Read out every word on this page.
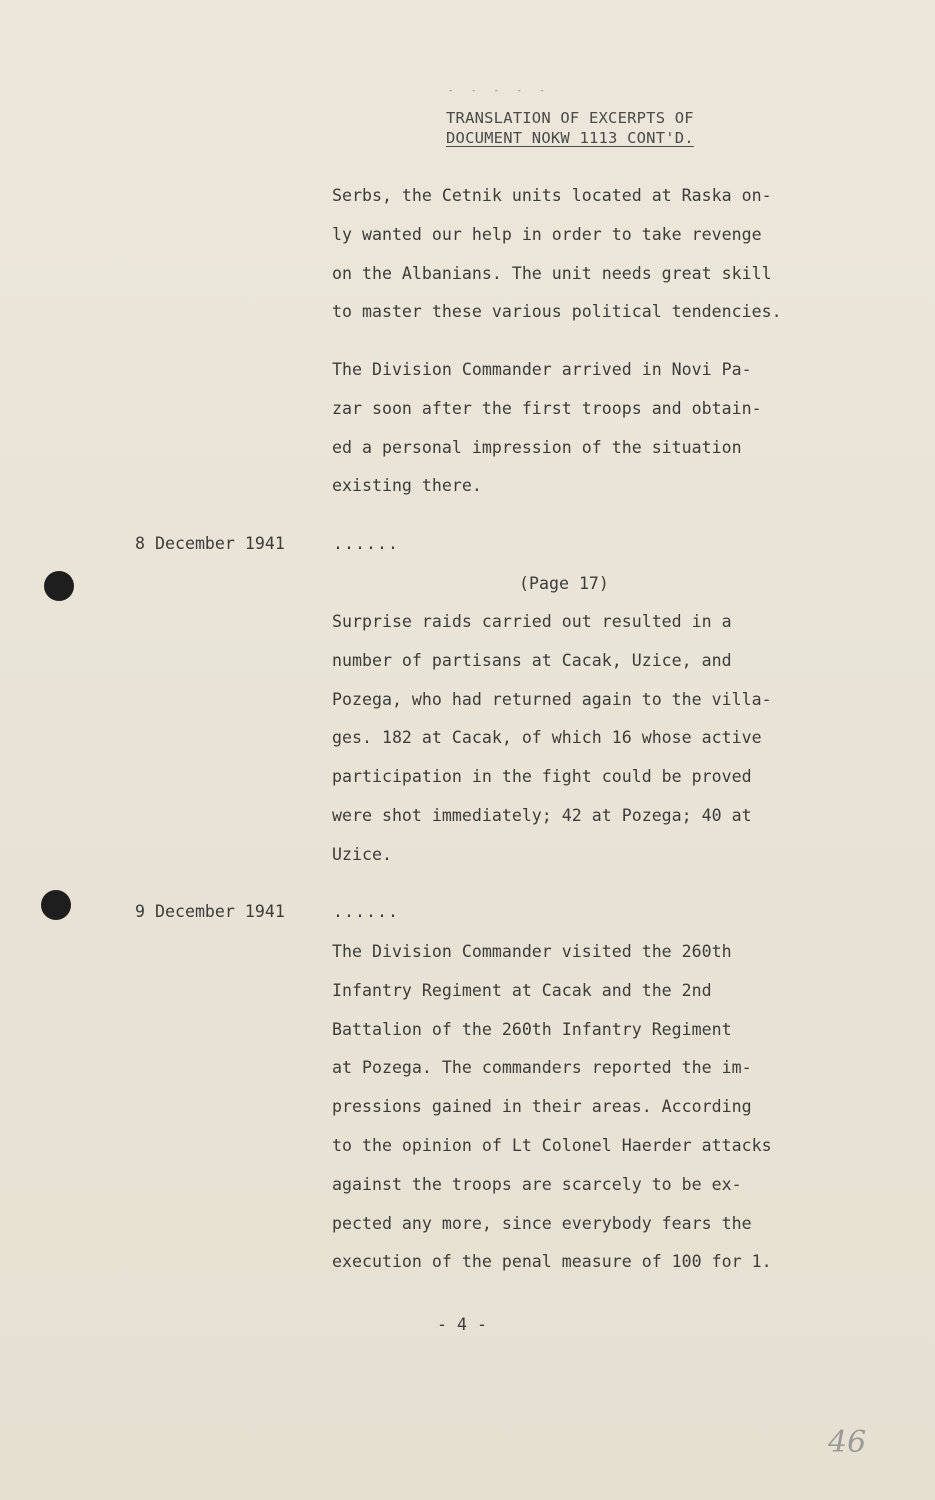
- - - - -
TRANSLATION OF EXCERPTS OF
DOCUMENT NOKW 1113 CONT'D.
Serbs, the Cetnik units located at Raska on-
ly wanted our help in order to take revenge
on the Albanians. The unit needs great skill
to master these various political tendencies.
The Division Commander arrived in Novi Pa-
zar soon after the first troops and obtain-
ed a personal impression of the situation
existing there.
8 December 1941	......
(Page 17)
Surprise raids carried out resulted in a
number of partisans at Cacak, Uzice, and
Pozega, who had returned again to the villa-
ges. 182 at Cacak, of which 16 whose active
participation in the fight could be proved
were shot immediately; 42 at Pozega; 40 at
Uzice.
9 December 1941	......
The Division Commander visited the 260th
Infantry Regiment at Cacak and the 2nd
Battalion of the 260th Infantry Regiment
at Pozega. The commanders reported the im-
pressions gained in their areas. According
to the opinion of Lt Colonel Haerder attacks
against the troops are scarcely to be ex-
pected any more, since everybody fears the
execution of the penal measure of 100 for 1.
- 4 -
46
